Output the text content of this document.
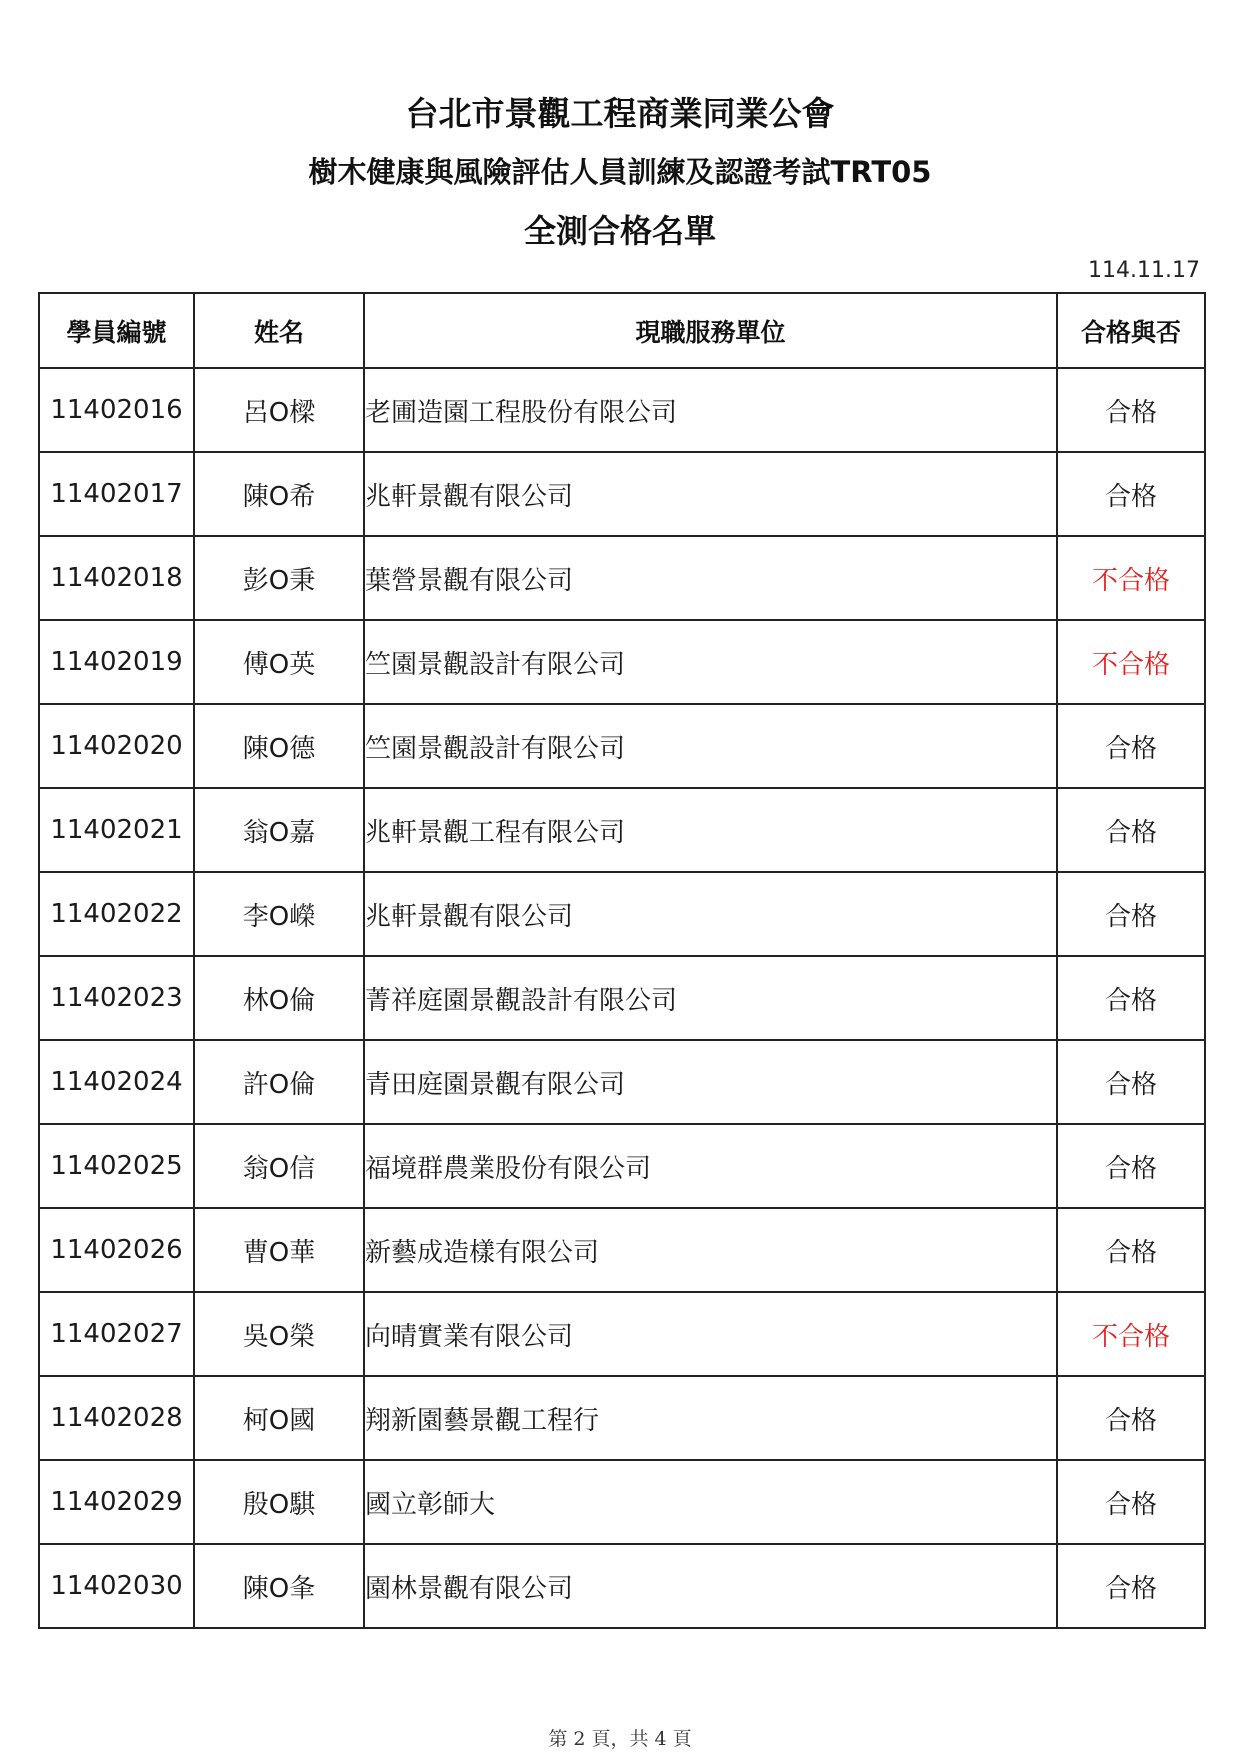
台北市景觀工程商業同業公會
樹木健康與風險評估人員訓練及認證考試TRT05
全測合格名單
114.11.17
學員編號	姓名	現職服務單位	合格與否
11402016	呂O樑	老圃造園工程股份有限公司	合格
11402017	陳O希	兆軒景觀有限公司	合格
11402018	彭O秉	葉營景觀有限公司	不合格
11402019	傅O英	竺園景觀設計有限公司	不合格
11402020	陳O德	竺園景觀設計有限公司	合格
11402021	翁O嘉	兆軒景觀工程有限公司	合格
11402022	李O嶸	兆軒景觀有限公司	合格
11402023	林O倫	菁祥庭園景觀設計有限公司	合格
11402024	許O倫	青田庭園景觀有限公司	合格
11402025	翁O信	福境群農業股份有限公司	合格
11402026	曹O華	新藝成造樣有限公司	合格
11402027	吳O榮	向晴實業有限公司	不合格
11402028	柯O國	翔新園藝景觀工程行	合格
11402029	殷O騏	國立彰師大	合格
11402030	陳O夆	園林景觀有限公司	合格
第 2 頁，共 4 頁
